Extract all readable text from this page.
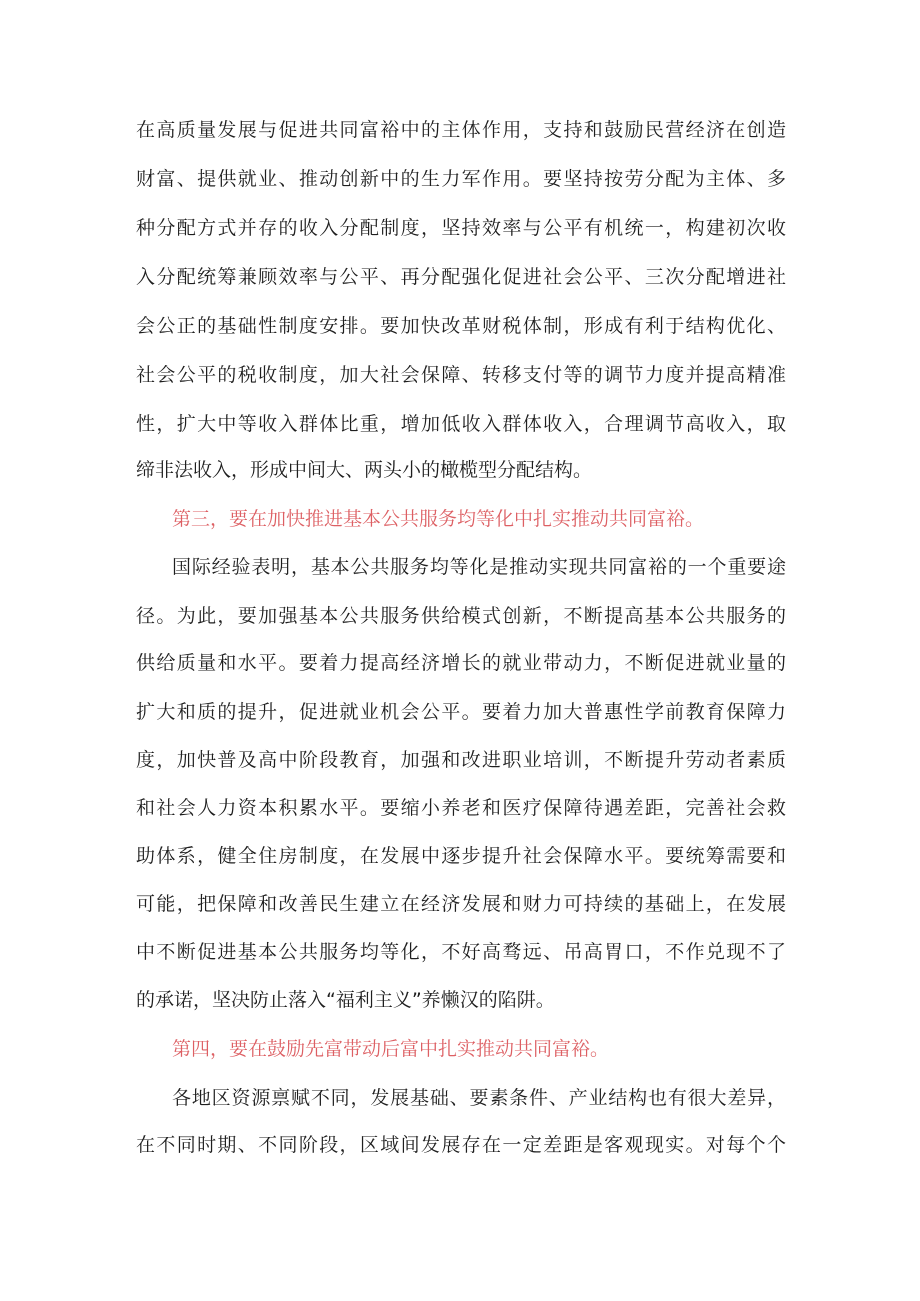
在高质量发展与促进共同富裕中的主体作用，支持和鼓励民营经济在创造
财富、提供就业、推动创新中的生力军作用。要坚持按劳分配为主体、多
种分配方式并存的收入分配制度，坚持效率与公平有机统一，构建初次收
入分配统筹兼顾效率与公平、再分配强化促进社会公平、三次分配增进社
会公正的基础性制度安排。要加快改革财税体制，形成有利于结构优化、
社会公平的税收制度，加大社会保障、转移支付等的调节力度并提高精准
性，扩大中等收入群体比重，增加低收入群体收入，合理调节高收入，取
缔非法收入，形成中间大、两头小的橄榄型分配结构。
第三，要在加快推进基本公共服务均等化中扎实推动共同富裕。
国际经验表明，基本公共服务均等化是推动实现共同富裕的一个重要途
径。为此，要加强基本公共服务供给模式创新，不断提高基本公共服务的
供给质量和水平。要着力提高经济增长的就业带动力，不断促进就业量的
扩大和质的提升，促进就业机会公平。要着力加大普惠性学前教育保障力
度，加快普及高中阶段教育，加强和改进职业培训，不断提升劳动者素质
和社会人力资本积累水平。要缩小养老和医疗保障待遇差距，完善社会救
助体系，健全住房制度，在发展中逐步提升社会保障水平。要统筹需要和
可能，把保障和改善民生建立在经济发展和财力可持续的基础上，在发展
中不断促进基本公共服务均等化，不好高骛远、吊高胃口，不作兑现不了
的承诺，坚决防止落入“福利主义”养懒汉的陷阱。
第四，要在鼓励先富带动后富中扎实推动共同富裕。
各地区资源禀赋不同，发展基础、要素条件、产业结构也有很大差异，
在不同时期、不同阶段，区域间发展存在一定差距是客观现实。对每个个
